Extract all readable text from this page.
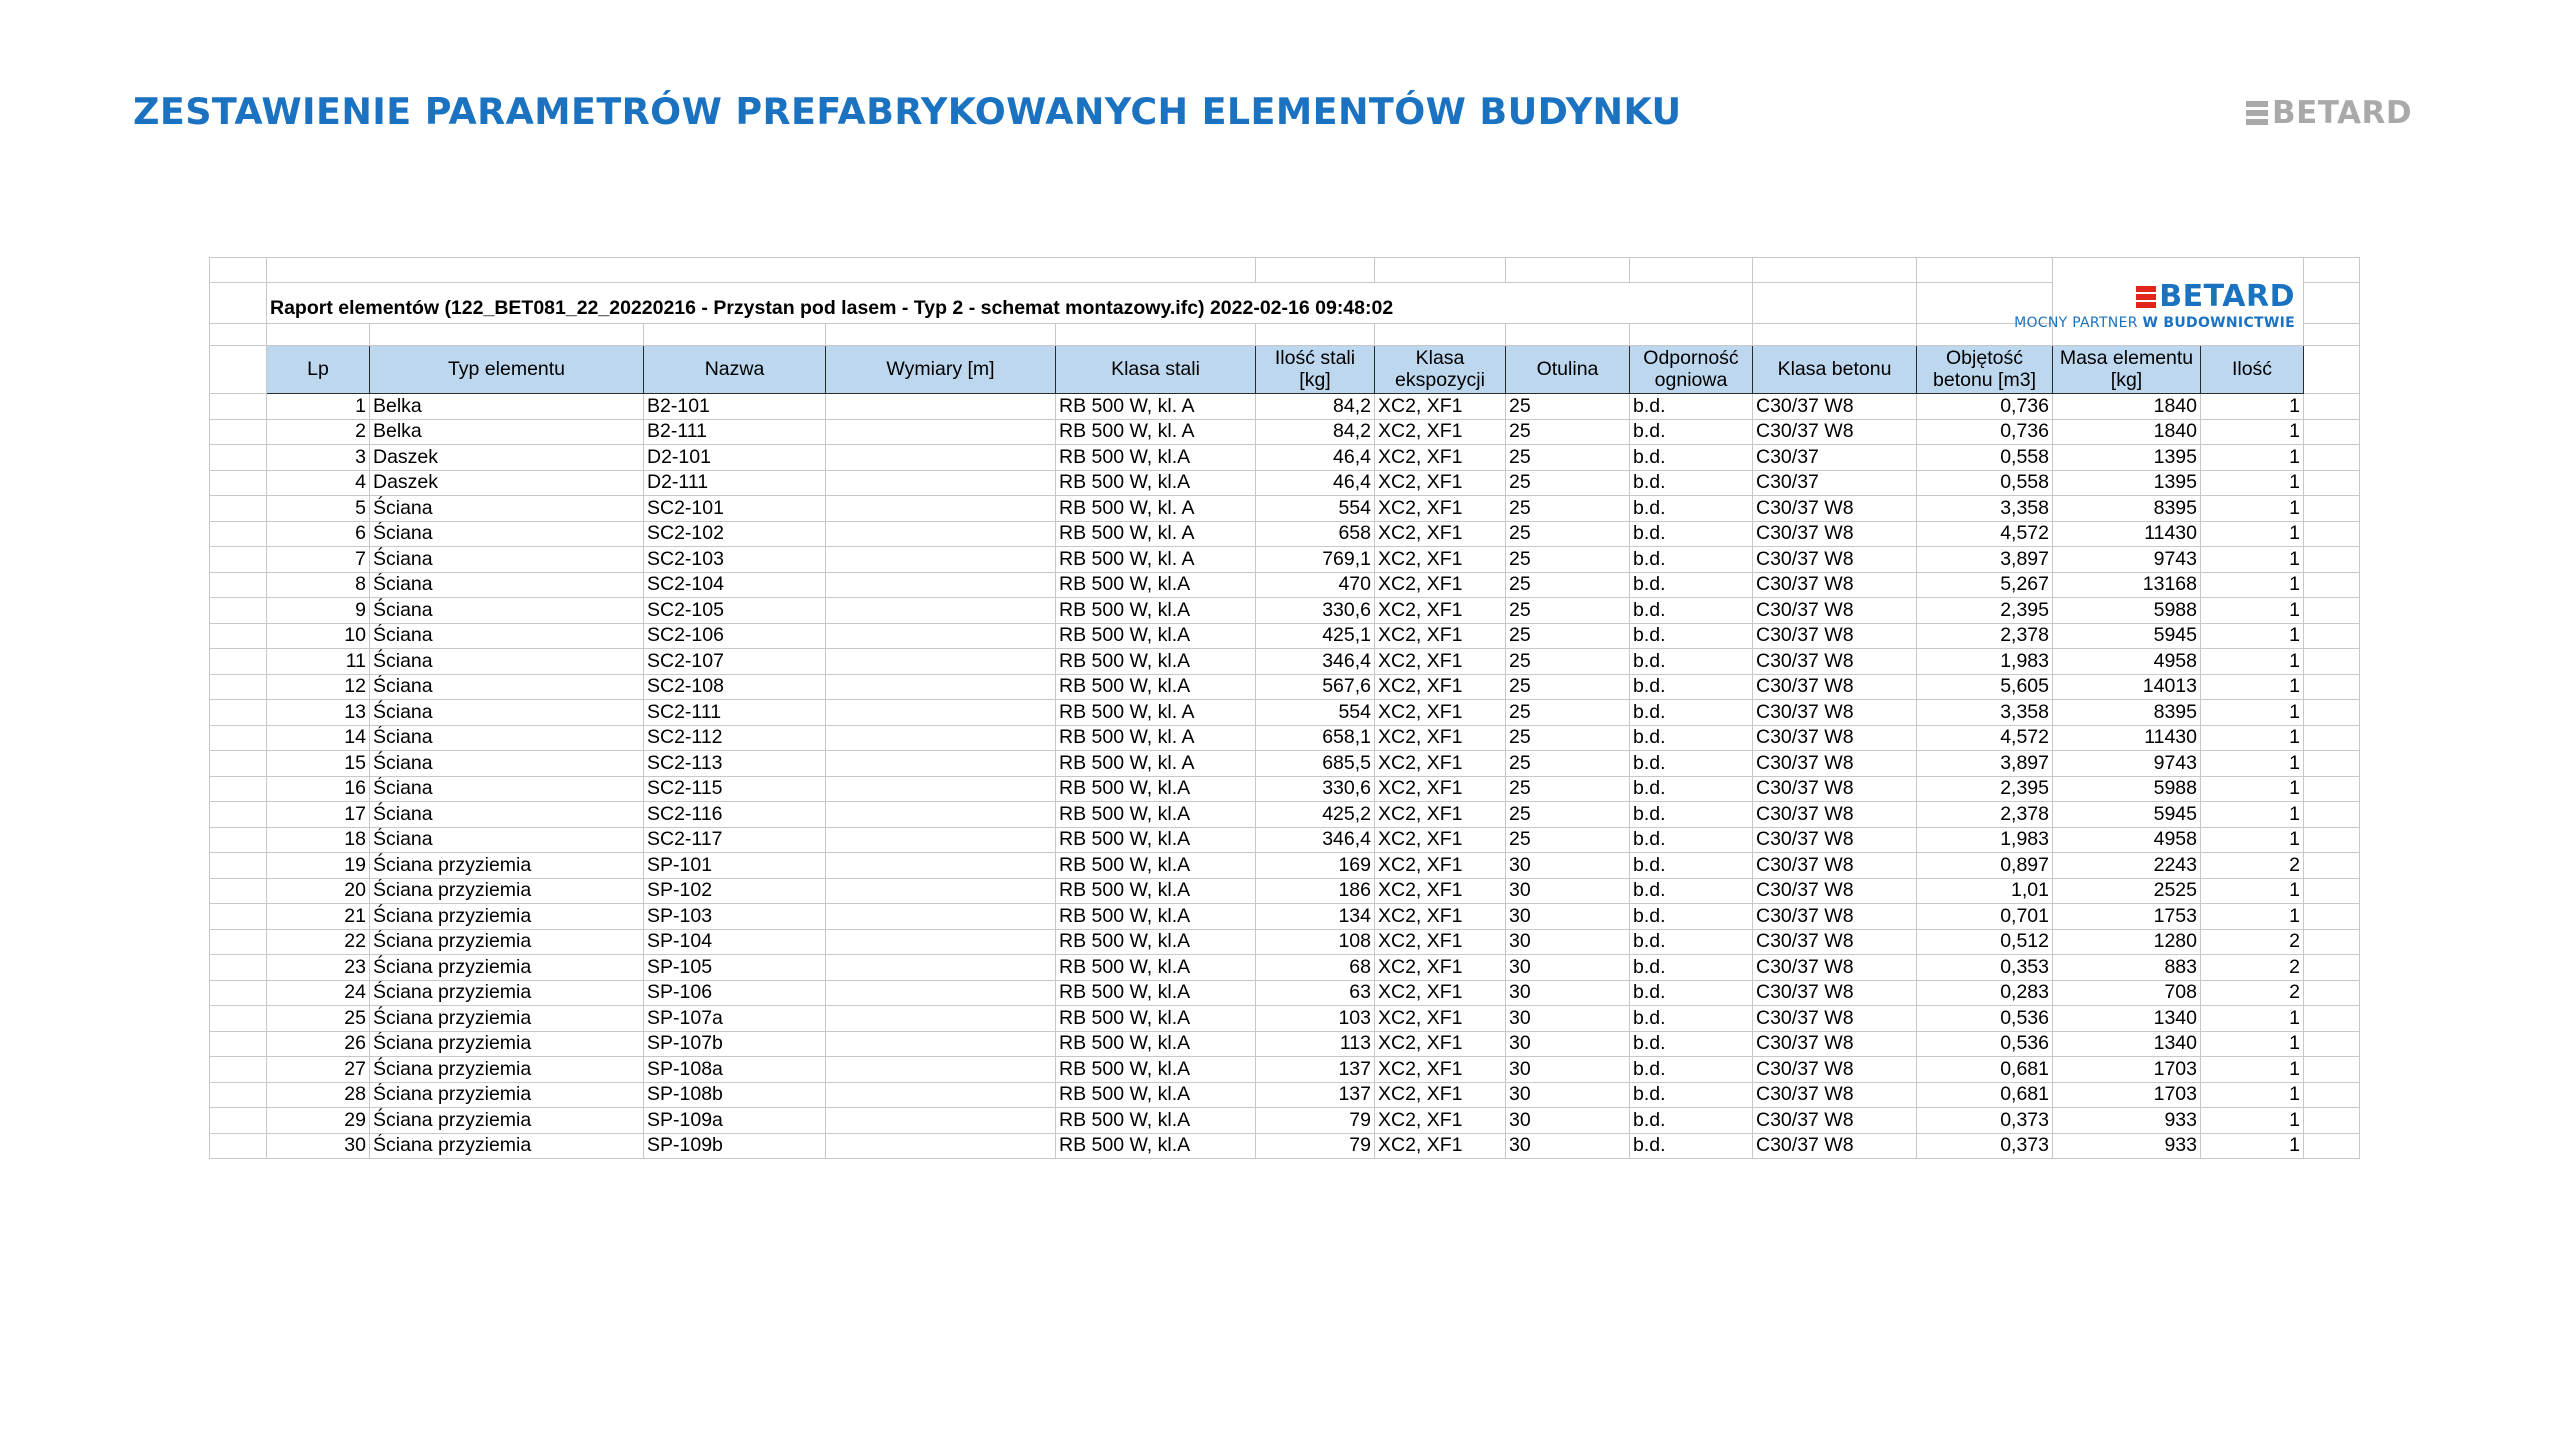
ZESTAWIENIE PARAMETRÓW PREFABRYKOWANYCH ELEMENTÓW BUDYNKU	BETARD

												BETARD
MOCNY PARTNER W BUDOWNICTWIE		

	Raport elementów (122_BET081_22_20220216 - Przystan pod lasem - Typ 2 - schemat montazowy.ifc) 2022-02-16 09:48:02													

	Lp	Typ elementu	Nazwa	Wymiary [m]	Klasa stali	Ilość stali [kg]	Klasa ekspozycji	Otulina	Odporność ogniowa	Klasa betonu	Objętość betonu [m3]	Masa elementu [kg]	Ilość	
	1	Belka	B2-101		RB 500 W, kl. A	84,2	XC2, XF1	25	b.d.	C30/37 W8	0,736	1840	1	
	2	Belka	B2-111		RB 500 W, kl. A	84,2	XC2, XF1	25	b.d.	C30/37 W8	0,736	1840	1	
	3	Daszek	D2-101		RB 500 W, kl.A	46,4	XC2, XF1	25	b.d.	C30/37	0,558	1395	1	
	4	Daszek	D2-111		RB 500 W, kl.A	46,4	XC2, XF1	25	b.d.	C30/37	0,558	1395	1	
	5	Ściana	SC2-101		RB 500 W, kl. A	554	XC2, XF1	25	b.d.	C30/37 W8	3,358	8395	1	
	6	Ściana	SC2-102		RB 500 W, kl. A	658	XC2, XF1	25	b.d.	C30/37 W8	4,572	11430	1	
	7	Ściana	SC2-103		RB 500 W, kl. A	769,1	XC2, XF1	25	b.d.	C30/37 W8	3,897	9743	1	
	8	Ściana	SC2-104		RB 500 W, kl.A	470	XC2, XF1	25	b.d.	C30/37 W8	5,267	13168	1	
	9	Ściana	SC2-105		RB 500 W, kl.A	330,6	XC2, XF1	25	b.d.	C30/37 W8	2,395	5988	1	
	10	Ściana	SC2-106		RB 500 W, kl.A	425,1	XC2, XF1	25	b.d.	C30/37 W8	2,378	5945	1	
	11	Ściana	SC2-107		RB 500 W, kl.A	346,4	XC2, XF1	25	b.d.	C30/37 W8	1,983	4958	1	
	12	Ściana	SC2-108		RB 500 W, kl.A	567,6	XC2, XF1	25	b.d.	C30/37 W8	5,605	14013	1	
	13	Ściana	SC2-111		RB 500 W, kl. A	554	XC2, XF1	25	b.d.	C30/37 W8	3,358	8395	1	
	14	Ściana	SC2-112		RB 500 W, kl. A	658,1	XC2, XF1	25	b.d.	C30/37 W8	4,572	11430	1	
	15	Ściana	SC2-113		RB 500 W, kl. A	685,5	XC2, XF1	25	b.d.	C30/37 W8	3,897	9743	1	
	16	Ściana	SC2-115		RB 500 W, kl.A	330,6	XC2, XF1	25	b.d.	C30/37 W8	2,395	5988	1	
	17	Ściana	SC2-116		RB 500 W, kl.A	425,2	XC2, XF1	25	b.d.	C30/37 W8	2,378	5945	1	
	18	Ściana	SC2-117		RB 500 W, kl.A	346,4	XC2, XF1	25	b.d.	C30/37 W8	1,983	4958	1	
	19	Ściana przyziemia	SP-101		RB 500 W, kl.A	169	XC2, XF1	30	b.d.	C30/37 W8	0,897	2243	2	
	20	Ściana przyziemia	SP-102		RB 500 W, kl.A	186	XC2, XF1	30	b.d.	C30/37 W8	1,01	2525	1	
	21	Ściana przyziemia	SP-103		RB 500 W, kl.A	134	XC2, XF1	30	b.d.	C30/37 W8	0,701	1753	1	
	22	Ściana przyziemia	SP-104		RB 500 W, kl.A	108	XC2, XF1	30	b.d.	C30/37 W8	0,512	1280	2	
	23	Ściana przyziemia	SP-105		RB 500 W, kl.A	68	XC2, XF1	30	b.d.	C30/37 W8	0,353	883	2	
	24	Ściana przyziemia	SP-106		RB 500 W, kl.A	63	XC2, XF1	30	b.d.	C30/37 W8	0,283	708	2	
	25	Ściana przyziemia	SP-107a		RB 500 W, kl.A	103	XC2, XF1	30	b.d.	C30/37 W8	0,536	1340	1	
	26	Ściana przyziemia	SP-107b		RB 500 W, kl.A	113	XC2, XF1	30	b.d.	C30/37 W8	0,536	1340	1	
	27	Ściana przyziemia	SP-108a		RB 500 W, kl.A	137	XC2, XF1	30	b.d.	C30/37 W8	0,681	1703	1	
	28	Ściana przyziemia	SP-108b		RB 500 W, kl.A	137	XC2, XF1	30	b.d.	C30/37 W8	0,681	1703	1	
	29	Ściana przyziemia	SP-109a		RB 500 W, kl.A	79	XC2, XF1	30	b.d.	C30/37 W8	0,373	933	1	
	30	Ściana przyziemia	SP-109b		RB 500 W, kl.A	79	XC2, XF1	30	b.d.	C30/37 W8	0,373	933	1	
